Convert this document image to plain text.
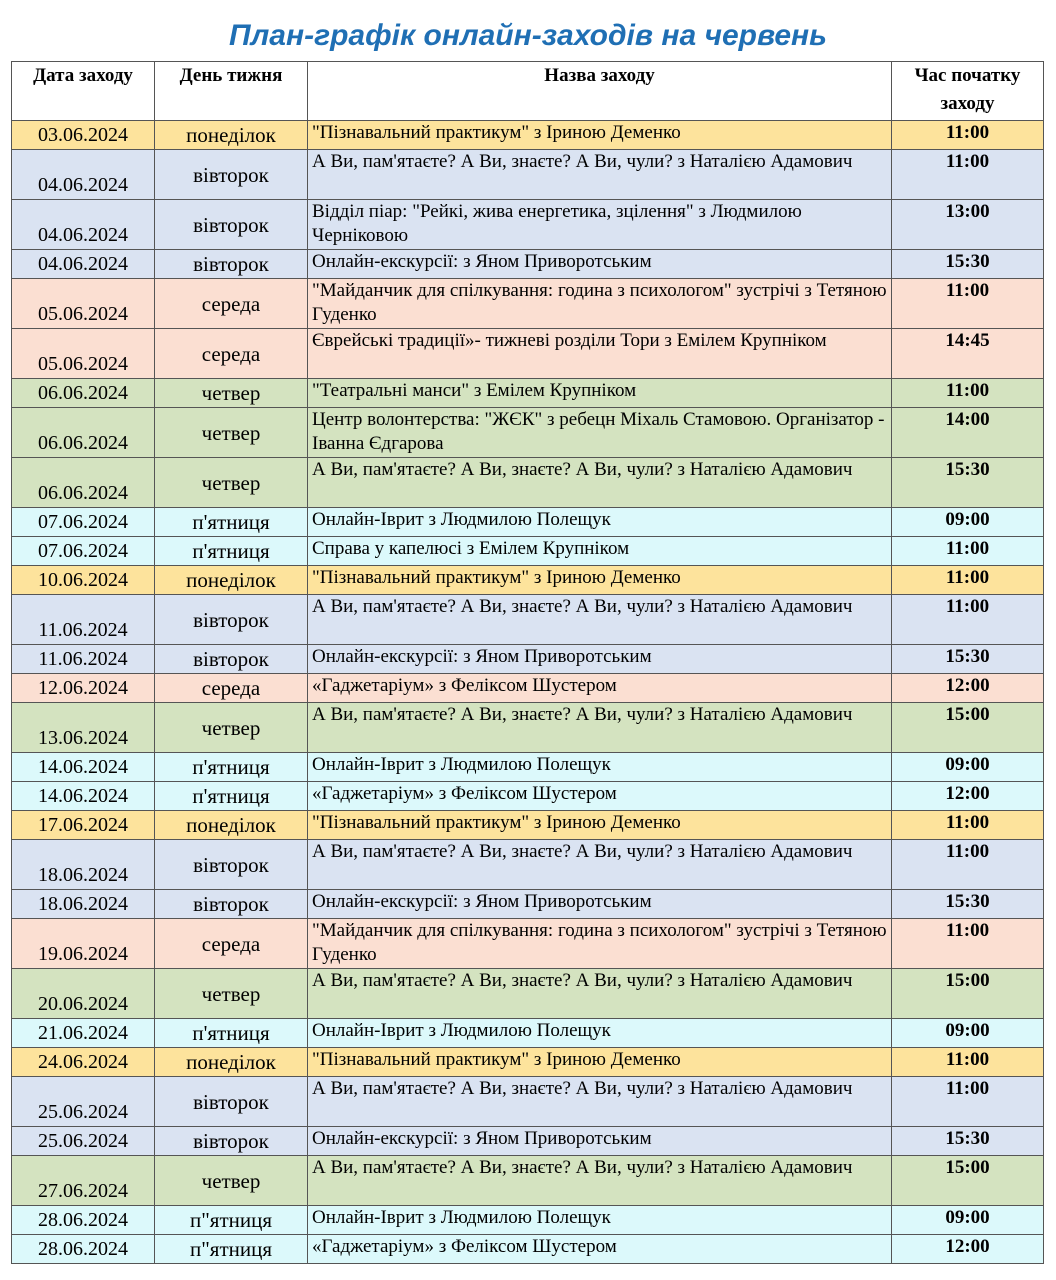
План-графік онлайн-заходів на червень
Дата заходу	День тижня	Назва заходу	Час початку заходу
03.06.2024	понеділок	"Пізнавальний практикум" з Іриною Деменко	11:00
04.06.2024	вівторок	А Ви, пам'ятаєте? А Ви, знаєте? А Ви, чули? з Наталією Адамович	11:00
04.06.2024	вівторок	Відділ піар: "Рейкі, жива енергетика, зцілення" з Людмилою Черніковою	13:00
04.06.2024	вівторок	Онлайн-екскурсії: з Яном Приворотським	15:30
05.06.2024	середа	"Майданчик для спілкування: година з психологом" зустрічі з Тетяною Гуденко	11:00
05.06.2024	середа	Єврейські традиції»- тижневі розділи Тори з Емілем Крупніком	14:45
06.06.2024	четвер	"Театральні манси" з Емілем Крупніком	11:00
06.06.2024	четвер	Центр волонтерства: "ЖЄК" з ребецн Міхаль Стамовою. Організатор - Іванна Єдгарова	14:00
06.06.2024	четвер	А Ви, пам'ятаєте? А Ви, знаєте? А Ви, чули? з Наталією Адамович	15:30
07.06.2024	п'ятниця	Онлайн-Іврит з Людмилою Полещук	09:00
07.06.2024	п'ятниця	Справа у капелюсі з Емілем Крупніком	11:00
10.06.2024	понеділок	"Пізнавальний практикум" з Іриною Деменко	11:00
11.06.2024	вівторок	А Ви, пам'ятаєте? А Ви, знаєте? А Ви, чули? з Наталією Адамович	11:00
11.06.2024	вівторок	Онлайн-екскурсії: з Яном Приворотським	15:30
12.06.2024	середа	«Гаджетаріум» з Феліксом Шустером	12:00
13.06.2024	четвер	А Ви, пам'ятаєте? А Ви, знаєте? А Ви, чули? з Наталією Адамович	15:00
14.06.2024	п'ятниця	Онлайн-Іврит з Людмилою Полещук	09:00
14.06.2024	п'ятниця	«Гаджетаріум» з Феліксом Шустером	12:00
17.06.2024	понеділок	"Пізнавальний практикум" з Іриною Деменко	11:00
18.06.2024	вівторок	А Ви, пам'ятаєте? А Ви, знаєте? А Ви, чули? з Наталією Адамович	11:00
18.06.2024	вівторок	Онлайн-екскурсії: з Яном Приворотським	15:30
19.06.2024	середа	"Майданчик для спілкування: година з психологом" зустрічі з Тетяною Гуденко	11:00
20.06.2024	четвер	А Ви, пам'ятаєте? А Ви, знаєте? А Ви, чули? з Наталією Адамович	15:00
21.06.2024	п'ятниця	Онлайн-Іврит з Людмилою Полещук	09:00
24.06.2024	понеділок	"Пізнавальний практикум" з Іриною Деменко	11:00
25.06.2024	вівторок	А Ви, пам'ятаєте? А Ви, знаєте? А Ви, чули? з Наталією Адамович	11:00
25.06.2024	вівторок	Онлайн-екскурсії: з Яном Приворотським	15:30
27.06.2024	четвер	А Ви, пам'ятаєте? А Ви, знаєте? А Ви, чули? з Наталією Адамович	15:00
28.06.2024	п"ятниця	Онлайн-Іврит з Людмилою Полещук	09:00
28.06.2024	п"ятниця	«Гаджетаріум» з Феліксом Шустером	12:00
